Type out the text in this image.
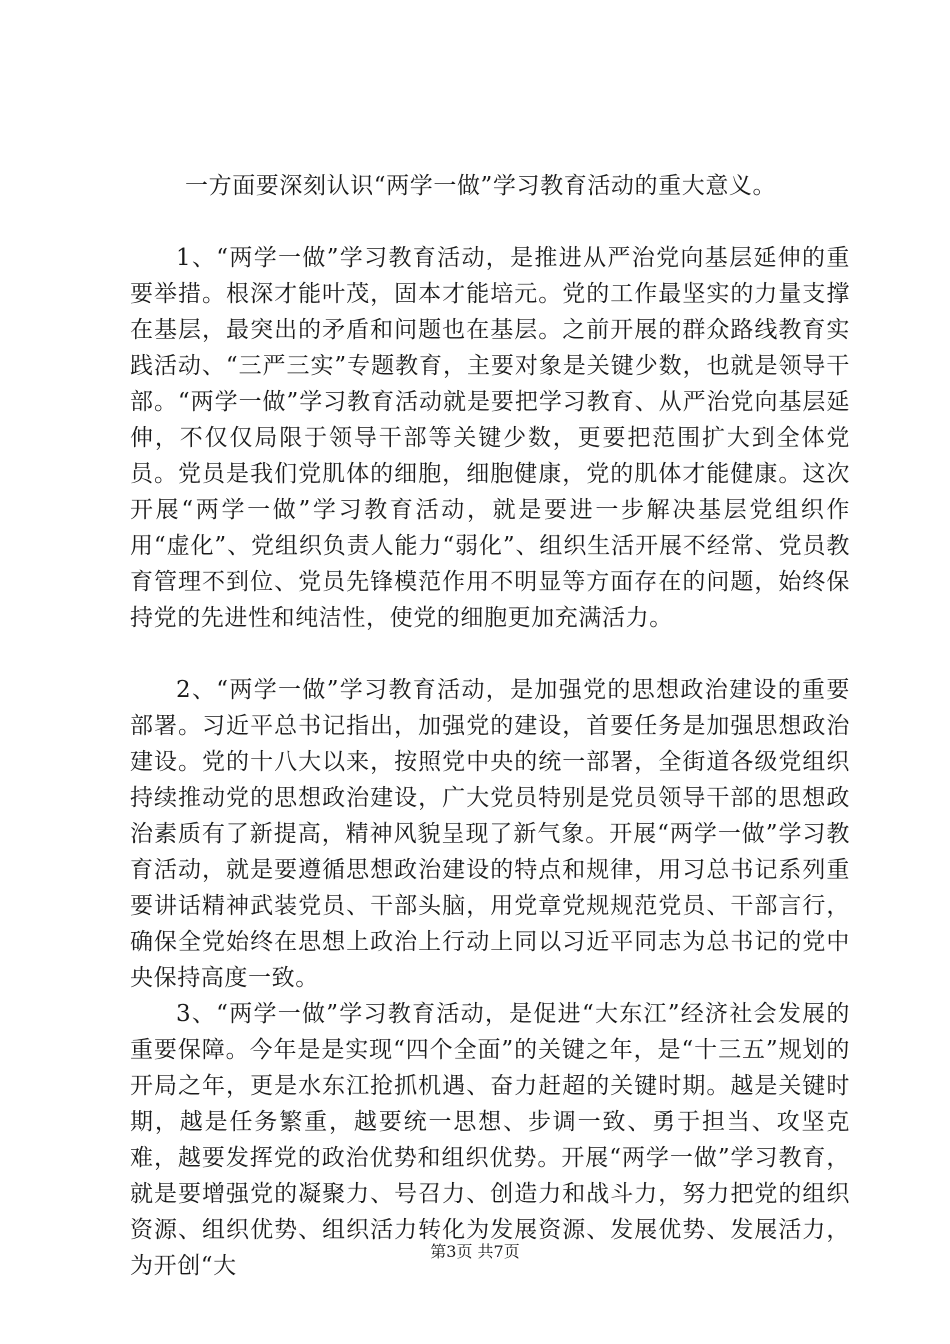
一方面要深刻认识“两学一做”学习教育活动的重大意义。

1、“两学一做”学习教育活动，是推进从严治党向基层延伸的重要举措。根深才能叶茂，固本才能培元。党的工作最坚实的力量支撑在基层，最突出的矛盾和问题也在基层。之前开展的群众路线教育实践活动、“三严三实”专题教育，主要对象是关键少数，也就是领导干部。“两学一做”学习教育活动就是要把学习教育、从严治党向基层延伸，不仅仅局限于领导干部等关键少数，更要把范围扩大到全体党员。党员是我们党肌体的细胞，细胞健康，党的肌体才能健康。这次开展“两学一做”学习教育活动，就是要进一步解决基层党组织作用“虚化”、党组织负责人能力“弱化”、组织生活开展不经常、党员教育管理不到位、党员先锋模范作用不明显等方面存在的问题，始终保持党的先进性和纯洁性，使党的细胞更加充满活力。

2、“两学一做”学习教育活动，是加强党的思想政治建设的重要部署。习近平总书记指出，加强党的建设，首要任务是加强思想政治建设。党的十八大以来，按照党中央的统一部署，全街道各级党组织持续推动党的思想政治建设，广大党员特别是党员领导干部的思想政治素质有了新提高，精神风貌呈现了新气象。开展“两学一做”学习教育活动，就是要遵循思想政治建设的特点和规律，用习总书记系列重要讲话精神武装党员、干部头脑，用党章党规规范党员、干部言行，确保全党始终在思想上政治上行动上同以习近平同志为总书记的党中央保持高度一致。

3、“两学一做”学习教育活动，是促进“大东江”经济社会发展的重要保障。今年是是实现“四个全面”的关键之年，是“十三五”规划的开局之年，更是水东江抢抓机遇、奋力赶超的关键时期。越是关键时期，越是任务繁重，越要统一思想、步调一致、勇于担当、攻坚克难，越要发挥党的政治优势和组织优势。开展“两学一做”学习教育，就是要增强党的凝聚力、号召力、创造力和战斗力，努力把党的组织资源、组织优势、组织活力转化为发展资源、发展优势、发展活力，为开创“大

第3页 共7页
